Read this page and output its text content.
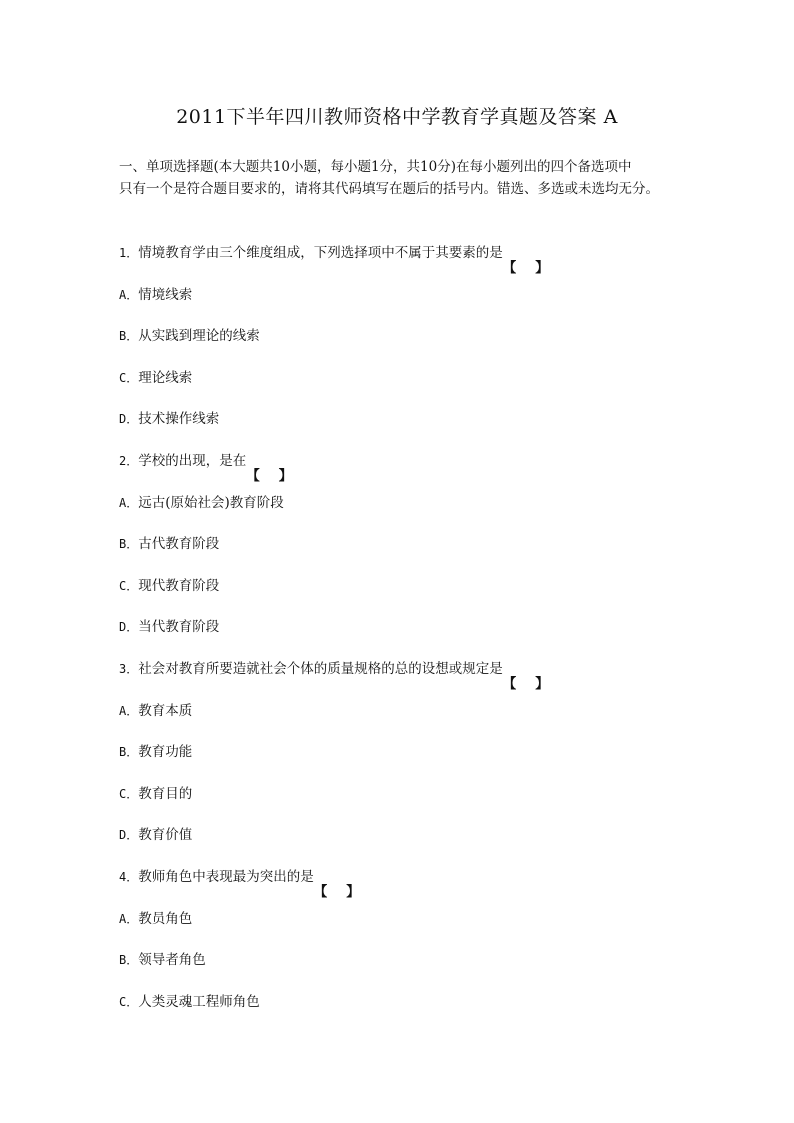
2011下半年四川教师资格中学教育学真题及答案 A
一、单项选择题(本大题共10小题，每小题1分，共10分)在每小题列出的四个备选项中
只有一个是符合题目要求的，请将其代码填写在题后的括号内。错选、多选或未选均无分。
1．情境教育学由三个维度组成，下列选择项中不属于其要素的是
【 】
A．情境线索
B．从实践到理论的线索
C．理论线索
D．技术操作线索
2．学校的出现，是在
【 】
A．远古(原始社会)教育阶段
B．古代教育阶段
C．现代教育阶段
D．当代教育阶段
3．社会对教育所要造就社会个体的质量规格的总的设想或规定是
【 】
A．教育本质
B．教育功能
C．教育目的
D．教育价值
4．教师角色中表现最为突出的是
【 】
A．教员角色
B．领导者角色
C．人类灵魂工程师角色
